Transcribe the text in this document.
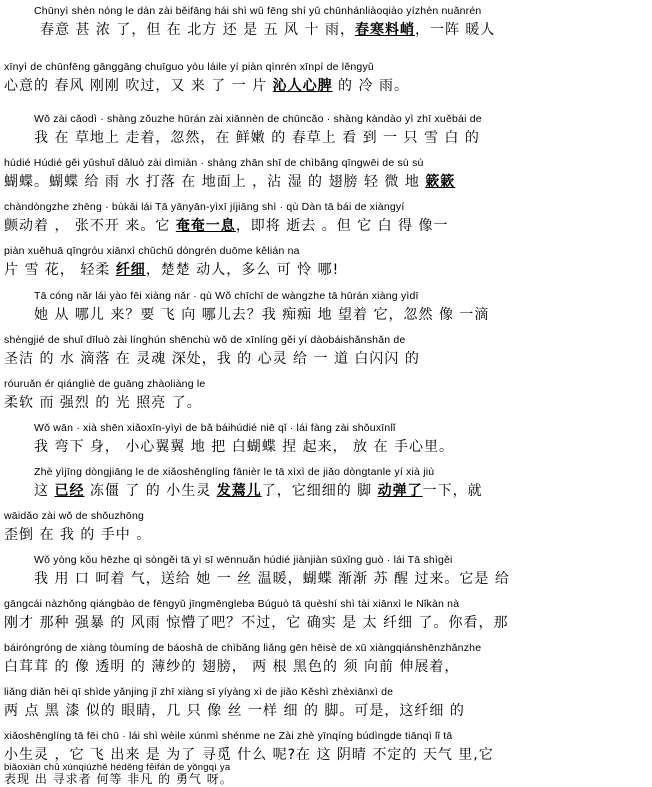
Chūnyì shèn nóng le dàn zài běifāng hái shì wǔ fēng shí yǔ chūnhánliàoqiào yízhèn nuǎnrén
春意 甚 浓 了，但 在 北方 还 是 五 风 十 雨，春寒料峭，一阵 暖人
xīnyì de chūnfēng gānggāng chuīguo yòu láile yí piàn qìnrén xīnpí de lěngyǔ
心意的 春风 刚刚 吹过，又 来 了 一 片 沁人心脾 的 冷 雨。
Wǒ zài cǎodì · shàng zǒuzhe hūrán zài xiānnèn de chūncǎo · shàng kàndào yì zhī xuěbái de
我 在 草地上 走着，忽然，在 鲜嫩 的 春草上 看 到 一 只 雪 白 的
húdié Húdié gěi yǔshuǐ dǎluò zài dìmiàn · shàng zhān shī de chìbǎng qīngwēi de sù sù
蝴蝶。蝴蝶 给 雨 水 打落 在 地面上 ，沾 湿 的 翅膀 轻 微 地 簌簌
chàndòngzhe zhēng · bùkāi lái Tā yānyān-yìxī jíjiāng shì · qù Dàn tā bái de xiàngyí
颤动着 ， 张不开 来。它 奄奄一息，即将 逝去 。但 它 白 得 像一
piàn xuěhuā qīngróu xiānxì chǔchǔ dòngrén duōme kělián na
片 雪 花， 轻柔 纤细，楚楚 动人，多么 可 怜 哪!
Tā cóng nǎr lái yào fēi xiàng nǎr · qù Wǒ chīchī de wàngzhe tā hūrán xiàng yìdī
她 从 哪儿 来？要 飞 向 哪儿去？我 痴痴 地 望着 它，忽然 像 一滴
shèngjié de shuǐ dīluò zài línghún shēnchù wǒ de xīnlíng gěi yí dàobáishǎnshǎn de
圣洁 的 水 滴落 在 灵魂 深处，我 的 心灵 给 一 道 白闪闪 的
róuruǎn ér qiángliè de guāng zhàoliàng le
柔软 而 强烈 的 光 照亮 了。
Wǒ wān · xià shēn xiǎoxīn-yìyì de bǎ báihúdié niē qǐ · lái fàng zài shǒuxīnlǐ
我 弯下 身， 小心翼翼 地 把 白蝴蝶 捏 起来， 放 在 手心里。
Zhè yìjīng dòngjiāng le de xiǎoshēnglíng fānièr le tā xìxì de jiǎo dòngtanle yí xià jiù
这 已经 冻僵 了 的 小生灵 发蔫儿了，它细细的 脚 动弹了一下，就
wāidǎo zài wǒ de shǒuzhōng
歪倒 在 我 的 手中 。
Wǒ yòng kǒu hēzhe qì sòngěi tā yì sī wēnnuǎn húdié jiànjiàn sūxǐng guò · lái Tā shìgěi
我 用 口 呵着 气，送给 她 一 丝 温暖，蝴蝶 渐渐 苏 醒 过来。它是 给
gāngcái nàzhǒng qiángbào de fēngyǔ jīngmēngleba Búguò tā quèshí shì tài xiānxì le Nǐkàn nà
刚才 那种 强暴 的 风雨 惊懵了吧？不过，它 确实 是 太 纤细 了。你看，那
báiróngróng de xiàng tòumíng de báoshā de chìbǎng liǎng gēn hēisè de xū xiàngqiánshēnzhǎnzhe
白茸茸 的 像 透明 的 薄纱的 翅膀， 两 根 黑色的 须 向前 伸展着，
liǎng diǎn hēi qī shìde yǎnjing jǐ zhī xiàng sī yíyàng xì de jiǎo Kěshì zhèxiānxì de
两 点 黑 漆 似的 眼睛，几 只 像 丝 一样 细 的 脚。可是，这纤细 的
xiǎoshēnglíng tā fēi chū · lái shì wèile xúnmì shénme ne Zài zhè yīnqíng búdìngde tiānqì lǐ tā
小生灵 ，它 飞 出来 是 为了 寻觅 什么 呢?在 这 阴晴 不定的 天气 里,它
biǎoxiàn chū xúnqiúzhě héděng fēifán de yǒngqì ya
表现 出 寻求者 何等 非凡 的 勇气 呀。
